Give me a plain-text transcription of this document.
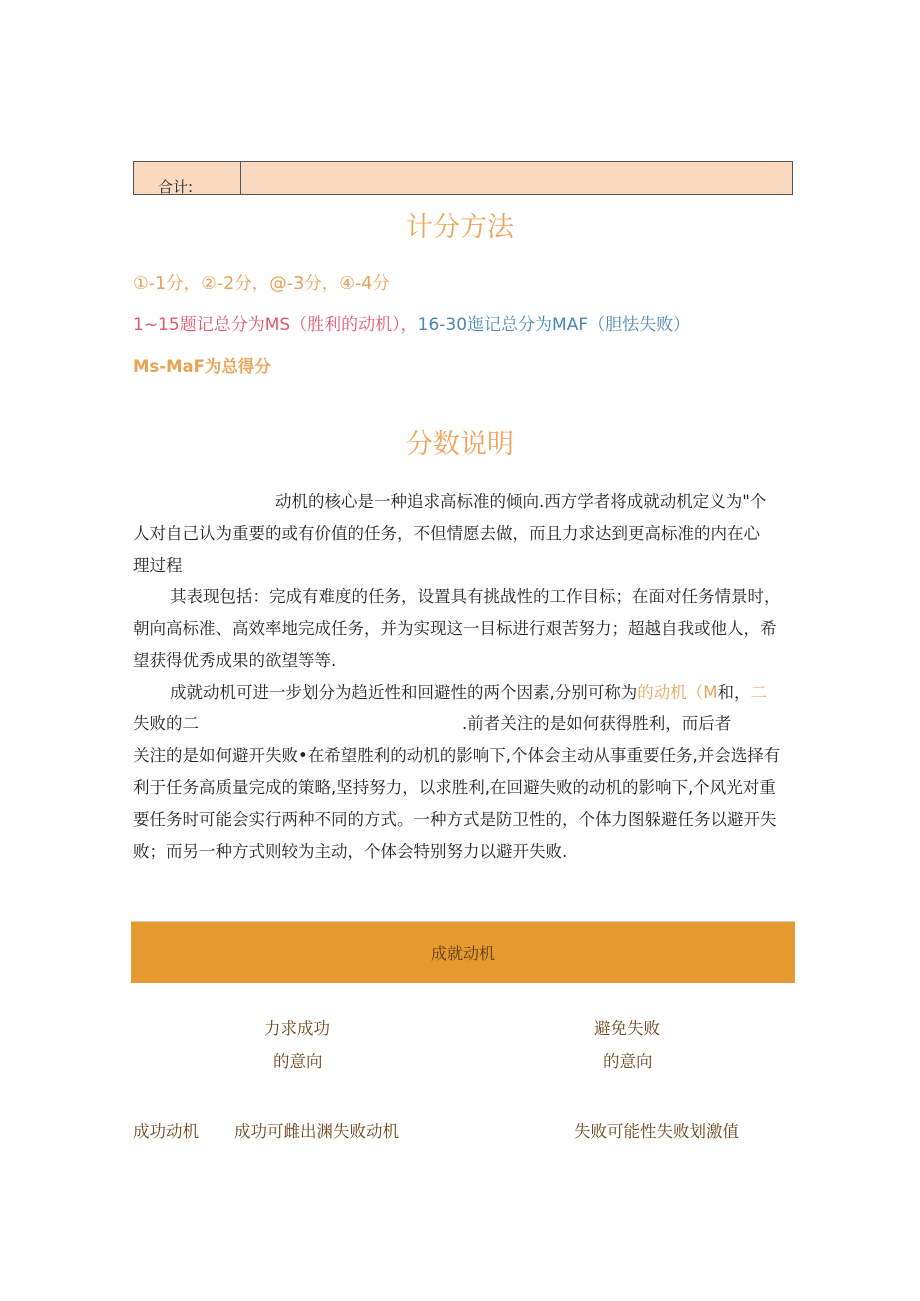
合计:
计分方法
①-1分，②-2分，@-3分，④-4分
1~15题记总分为MS（胜利的动机），16-30迤记总分为MAF（胆怯失败）
Ms-MaF为总得分
分数说明
动机的核心是一种追求高标准的倾向.西方学者将成就动机定义为"个
人对自己认为重要的或有价值的任务，不但情愿去做，而且力求达到更高标准的内在心
理过程
其表现包括：完成有难度的任务，设置具有挑战性的工作目标；在面对任务情景时，
朝向高标准、高效率地完成任务，并为实现这一目标进行艰苦努力；超越自我或他人，希
望获得优秀成果的欲望等等.
成就动机可进一步划分为趋近性和回避性的两个因素,分别可称为的动机（M和，二
失败的二	.前者关注的是如何获得胜利，而后者
关注的是如何避开失败•在希望胜利的动机的影响下,个体会主动从事重要任务,并会选择有
利于任务高质量完成的策略,坚持努力，以求胜利,在回避失败的动机的影响下,个风光对重
要任务时可能会实行两种不同的方式。一种方式是防卫性的，个体力图躲避任务以避开失
败；而另一种方式则较为主动，个体会特别努力以避开失败.
成就动机
力求成功
的意向
避免失败
的意向
成功动机 成功可雌出渊失败动机	失败可能性失败划激值
